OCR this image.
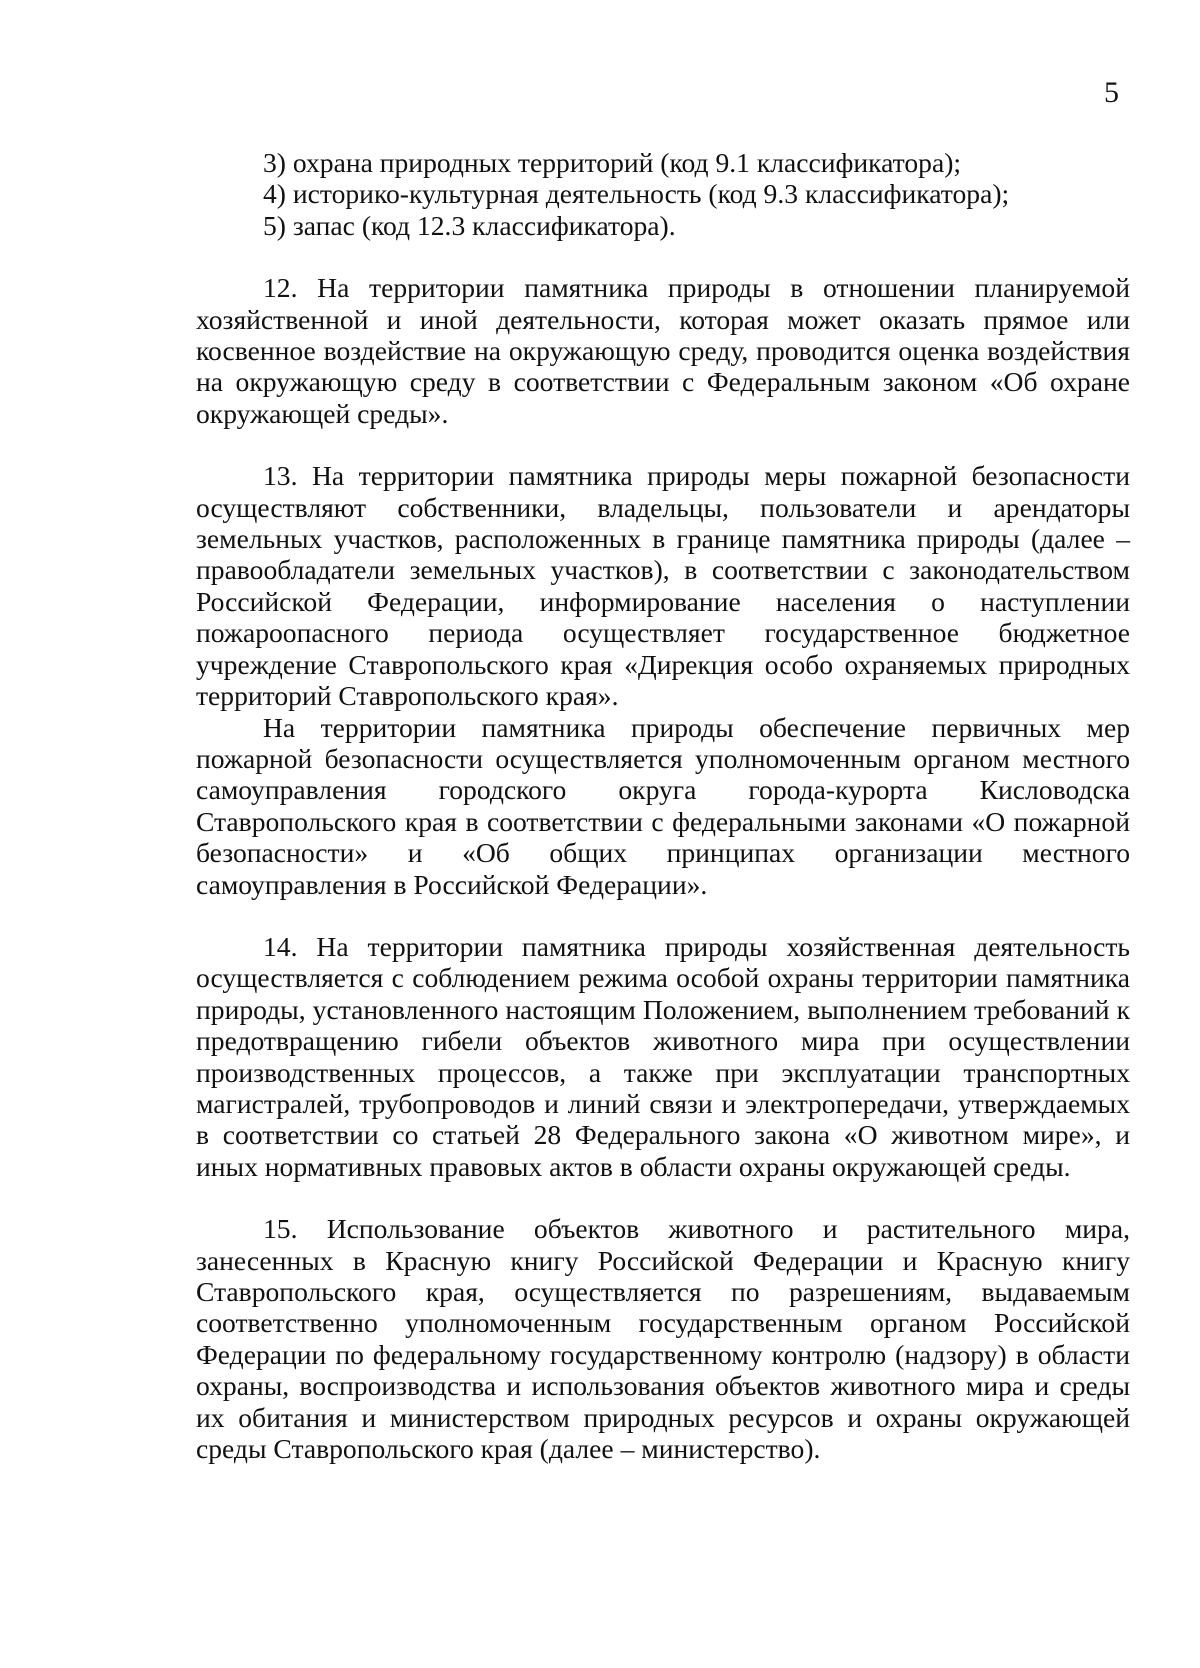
5

3) охрана природных территорий (код 9.1 классификатора);

4) историко-культурная деятельность (код 9.3 классификатора);

5) запас (код 12.3 классификатора).

12. На территории памятника природы в отношении планируемой хозяйственной и иной деятельности, которая может оказать прямое или косвенное воздействие на окружающую среду, проводится оценка воздействия на окружающую среду в соответствии с Федеральным законом «Об охране окружающей среды».

13. На территории памятника природы меры пожарной безопасности осуществляют собственники, владельцы, пользователи и арендаторы земельных участков, расположенных в границе памятника природы (далее – правообладатели земельных участков), в соответствии с законодательством Российской Федерации, информирование населения о наступлении пожароопасного периода осуществляет государственное бюджетное учреждение Ставропольского края «Дирекция особо охраняемых природных территорий Ставропольского края».

На территории памятника природы обеспечение первичных мер пожарной безопасности осуществляется уполномоченным органом местного самоуправления городского округа города-курорта Кисловодска Ставропольского края в соответствии с федеральными законами «О пожарной безопасности» и «Об общих принципах организации местного самоуправления в Российской Федерации».

14. На территории памятника природы хозяйственная деятельность осуществляется с соблюдением режима особой охраны территории памятника природы, установленного настоящим Положением, выполнением требований к предотвращению гибели объектов животного мира при осуществлении производственных процессов, а также при эксплуатации транспортных магистралей, трубопроводов и линий связи и электропередачи, утверждаемых в соответствии со статьей 28 Федерального закона «О животном мире», и иных нормативных правовых актов в области охраны окружающей среды.

15. Использование объектов животного и растительного мира, занесенных в Красную книгу Российской Федерации и Красную книгу Ставропольского края, осуществляется по разрешениям, выдаваемым соответственно уполномоченным государственным органом Российской Федерации по федеральному государственному контролю (надзору) в области охраны, воспроизводства и использования объектов животного мира и среды их обитания и министерством природных ресурсов и охраны окружающей среды Ставропольского края (далее – министерство).
